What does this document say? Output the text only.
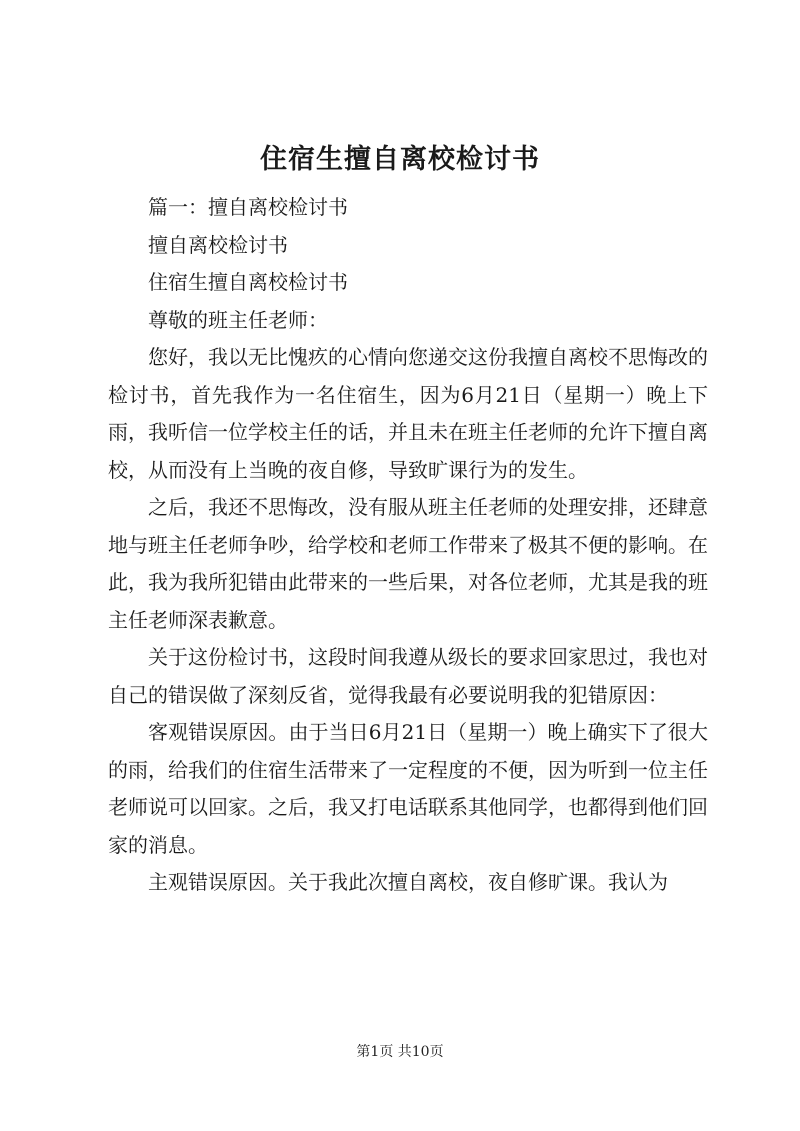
住宿生擅自离校检讨书

篇一：擅自离校检讨书

擅自离校检讨书

住宿生擅自离校检讨书

尊敬的班主任老师：

您好，我以无比愧疚的心情向您递交这份我擅自离校不思悔改的检讨书，首先我作为一名住宿生，因为6月21日（星期一）晚上下雨，我听信一位学校主任的话，并且未在班主任老师的允许下擅自离校，从而没有上当晚的夜自修，导致旷课行为的发生。

之后，我还不思悔改，没有服从班主任老师的处理安排，还肆意地与班主任老师争吵，给学校和老师工作带来了极其不便的影响。在此，我为我所犯错由此带来的一些后果，对各位老师，尤其是我的班主任老师深表歉意。

关于这份检讨书，这段时间我遵从级长的要求回家思过，我也对自己的错误做了深刻反省，觉得我最有必要说明我的犯错原因：

客观错误原因。由于当日6月21日（星期一）晚上确实下了很大的雨，给我们的住宿生活带来了一定程度的不便，因为听到一位主任老师说可以回家。之后，我又打电话联系其他同学，也都得到他们回家的消息。

主观错误原因。关于我此次擅自离校，夜自修旷课。我认为

第1页 共10页
